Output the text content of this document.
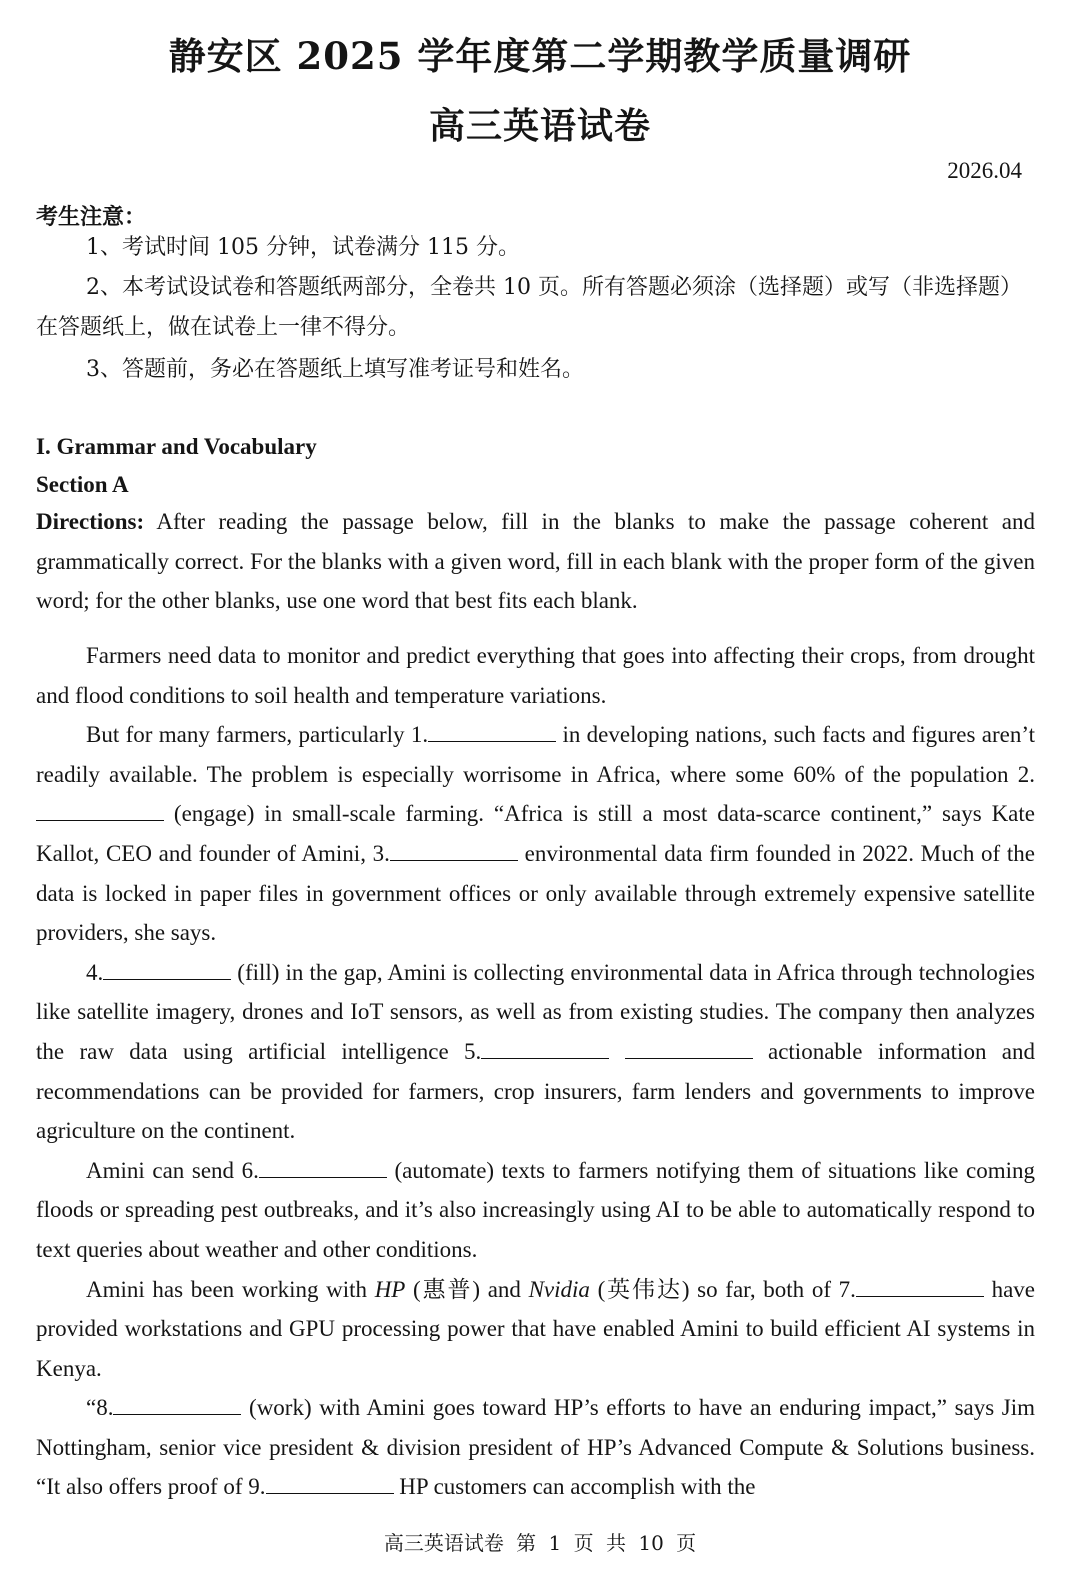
静安区 2025 学年度第二学期教学质量调研
高三英语试卷
2026.04
考生注意：

1、考试时间 105 分钟，试卷满分 115 分。

2、本考试设试卷和答题纸两部分，全卷共 10 页。所有答题必须涂（选择题）或写（非选择题）在答题纸上，做在试卷上一律不得分。

3、答题前，务必在答题纸上填写准考证号和姓名。

I. Grammar and Vocabulary
Section A

Directions: After reading the passage below, fill in the blanks to make the passage coherent and grammatically correct. For the blanks with a given word, fill in each blank with the proper form of the given word; for the other blanks, use one word that best fits each blank.

Farmers need data to monitor and predict everything that goes into affecting their crops, from drought and flood conditions to soil health and temperature variations.

But for many farmers, particularly 1.	in developing nations, such facts and figures aren’t readily available. The problem is especially worrisome in Africa, where some 60% of the population 2. (engage) in small-scale farming. “Africa is still a most data-scarce continent,” says Kate Kallot, CEO and founder of Amini, 3.	environmental data firm founded in 2022. Much of the data is locked in paper files in government offices or only available through extremely expensive satellite providers, she says.

4.	(fill) in the gap, Amini is collecting environmental data in Africa through technologies like satellite imagery, drones and IoT sensors, as well as from existing studies. The company then analyzes the raw data using artificial intelligence 5.	actionable information and recommendations can be provided for farmers, crop insurers, farm lenders and governments to improve agriculture on the continent.

Amini can send 6.	(automate) texts to farmers notifying them of situations like coming floods or spreading pest outbreaks, and it’s also increasingly using AI to be able to automatically respond to text queries about weather and other conditions.

Amini has been working with HP (惠普) and Nvidia (英伟达) so far, both of 7.	have provided workstations and GPU processing power that have enabled Amini to build efficient AI systems in Kenya.

“8.	(work) with Amini goes toward HP’s efforts to have an enduring impact,” says Jim Nottingham, senior vice president & division president of HP’s Advanced Compute & Solutions business. “It also offers proof of 9.	HP customers can accomplish with the

高三英语试卷 第 1 页 共 10 页
